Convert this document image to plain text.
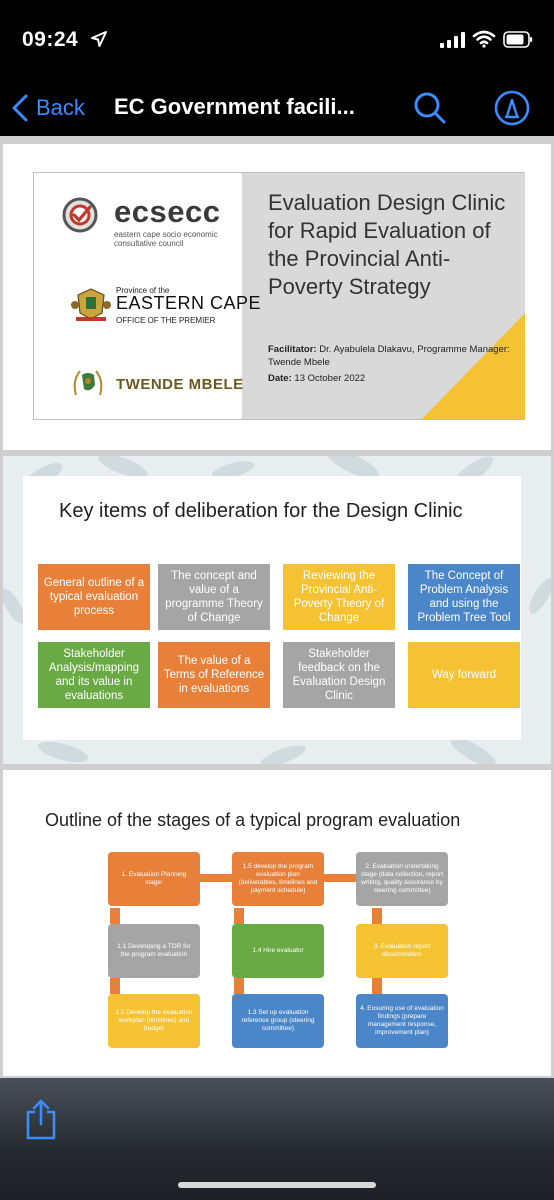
09:24
Back EC Government facili...
ecsecc
eastern cape socio economic consultative council
Province of the
EASTERN CAPE
OFFICE OF THE PREMIER
TWENDE MBELE
Evaluation Design Clinic for Rapid Evaluation of the Provincial Anti-Poverty Strategy
Facilitator: Dr. Ayabulela Dlakavu, Programme Manager: Twende Mbele
Date: 13 October 2022
Key items of deliberation for the Design Clinic
General outline of a typical evaluation process
The concept and value of a programme Theory of Change
Reviewing the Provincial Anti-Poverty Theory of Change
The Concept of Problem Analysis and using the Problem Tree Tool
Stakeholder Analysis/mapping and its value in evaluations
The value of a Terms of Reference in evaluations
Stakeholder feedback on the Evaluation Design Clinic
Way forward
Outline of the stages of a typical program evaluation
1. Evaluation Planning stage:
1.5 develop the program evaluation plan (deliverables, timelines and payment schedule)
2. Evaluation undertaking stage (data collection, report writing, quality assurance by steering committee)
1.1 Developing a TOR for the program evaluation
1.4 Hire evaluator
3. Evaluation report dissemination
1.2 Develop the evaluation workplan (timelines) and budget
1.3 Set up evaluation reference group (steering committee)
4. Ensuring use of evaluation findings (prepare management response, improvement plan)
